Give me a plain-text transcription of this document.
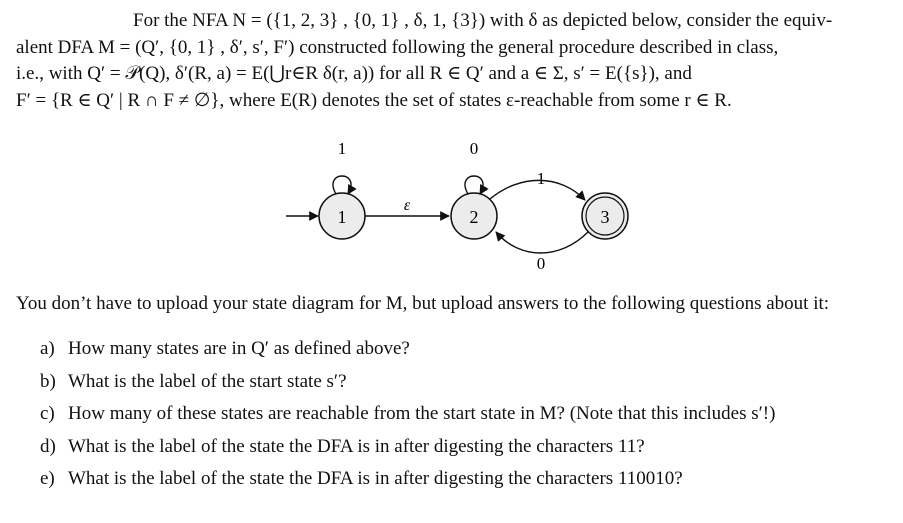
For the NFA N = ({1, 2, 3} , {0, 1} , δ, 1, {3}) with δ as depicted below, consider the equiv-
alent DFA M = (Q′, {0, 1} , δ′, s′, F′) constructed following the general procedure described in class,
i.e., with Q′ = 𝒫(Q), δ′(R, a) = E(⋃r∈R δ(r, a)) for all R ∈ Q′ and a ∈ Σ, s′ = E({s}), and
F′ = {R ∈ Q′ | R ∩ F ≠ ∅}, where E(R) denotes the set of states ε-reachable from some r ∈ R.
1	2	3
1	0
ε
1
0
You don’t have to upload your state diagram for M, but upload answers to the following questions about it:
a) How many states are in Q′ as defined above?
b) What is the label of the start state s′?
c) How many of these states are reachable from the start state in M? (Note that this includes s′!)
d) What is the label of the state the DFA is in after digesting the characters 11?
e) What is the label of the state the DFA is in after digesting the characters 110010?
